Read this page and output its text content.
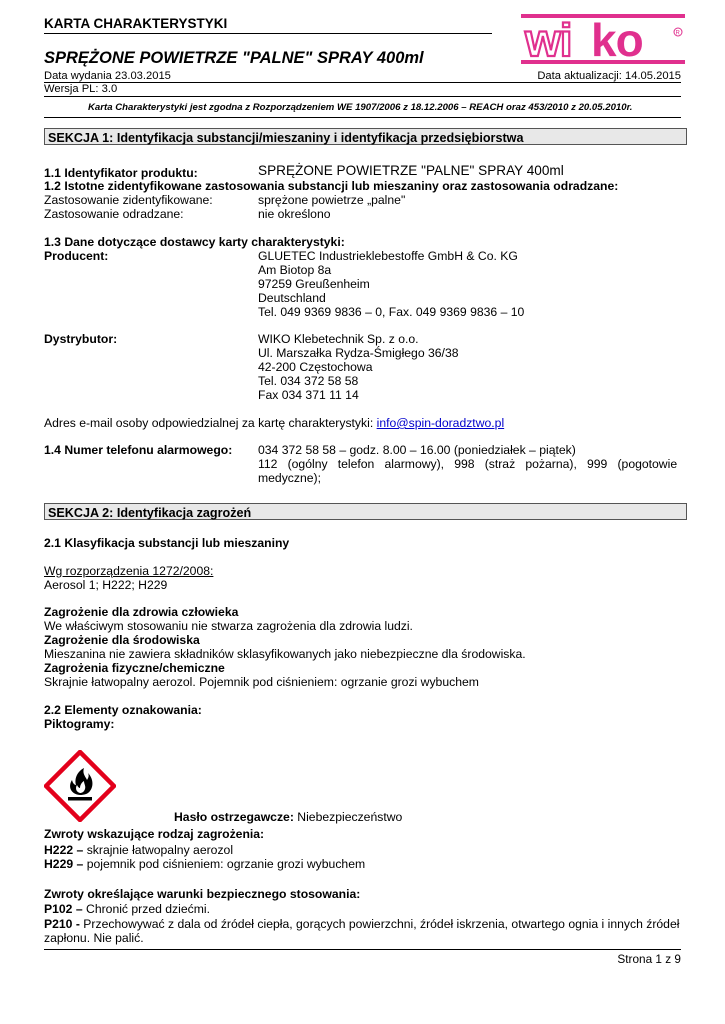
KARTA CHARAKTERYSTYKI
SPRĘŻONE POWIETRZE "PALNE" SPRAY 400ml wi ko	R
Data wydania 23.03.2015	Data aktualizacji: 14.05.2015
Wersja PL: 3.0
Karta Charakterystyki jest zgodna z Rozporządzeniem WE 1907/2006 z 18.12.2006 – REACH oraz 453/2010 z 20.05.2010r.
SEKCJA 1: Identyfikacja substancji/mieszaniny i identyfikacja przedsiębiorstwa
1.1 Identyfikator produktu:	SPRĘŻONE POWIETRZE "PALNE" SPRAY 400ml
1.2 Istotne zidentyfikowane zastosowania substancji lub mieszaniny oraz zastosowania odradzane:
Zastosowanie zidentyfikowane:	sprężone powietrze „palne"
Zastosowanie odradzane:	nie określono
1.3 Dane dotyczące dostawcy karty charakterystyki:
Producent:	GLUETEC Industrieklebestoffe GmbH & Co. KG
Am Biotop 8a
97259 Greußenheim
Deutschland
Tel. 049 9369 9836 – 0, Fax. 049 9369 9836 – 10
Dystrybutor:	WIKO Klebetechnik Sp. z o.o.
Ul. Marszałka Rydza-Śmigłego 36/38
42-200 Częstochowa
Tel. 034 372 58 58
Fax 034 371 11 14
Adres e-mail osoby odpowiedzialnej za kartę charakterystyki: info@spin-doradztwo.pl
1.4 Numer telefonu alarmowego: 034 372 58 58 – godz. 8.00 – 16.00 (poniedziałek – piątek)
112   (ogólny   telefon   alarmowy),   998   (straż   pożarna),   999   (pogotowie
medyczne);
SEKCJA 2: Identyfikacja zagrożeń
2.1 Klasyfikacja substancji lub mieszaniny
Wg rozporządzenia 1272/2008:
Aerosol 1; H222; H229
Zagrożenie dla zdrowia człowieka
We właściwym stosowaniu nie stwarza zagrożenia dla zdrowia ludzi.
Zagrożenie dla środowiska
Mieszanina nie zawiera składników sklasyfikowanych jako niebezpieczne dla środowiska.
Zagrożenia fizyczne/chemiczne
Skrajnie łatwopalny aerozol. Pojemnik pod ciśnieniem: ogrzanie grozi wybuchem
2.2 Elementy oznakowania:
Piktogramy:
Hasło ostrzegawcze: Niebezpieczeństwo
Zwroty wskazujące rodzaj zagrożenia:
H222 – skrajnie łatwopalny aerozol
H229 – pojemnik pod ciśnieniem: ogrzanie grozi wybuchem
Zwroty określające warunki bezpiecznego stosowania:
P102 – Chronić przed dziećmi.
P210 - Przechowywać z dala od źródeł ciepła, gorących powierzchni, źródeł iskrzenia, otwartego ognia i innych źródeł
zapłonu. Nie palić.
Strona 1 z 9
